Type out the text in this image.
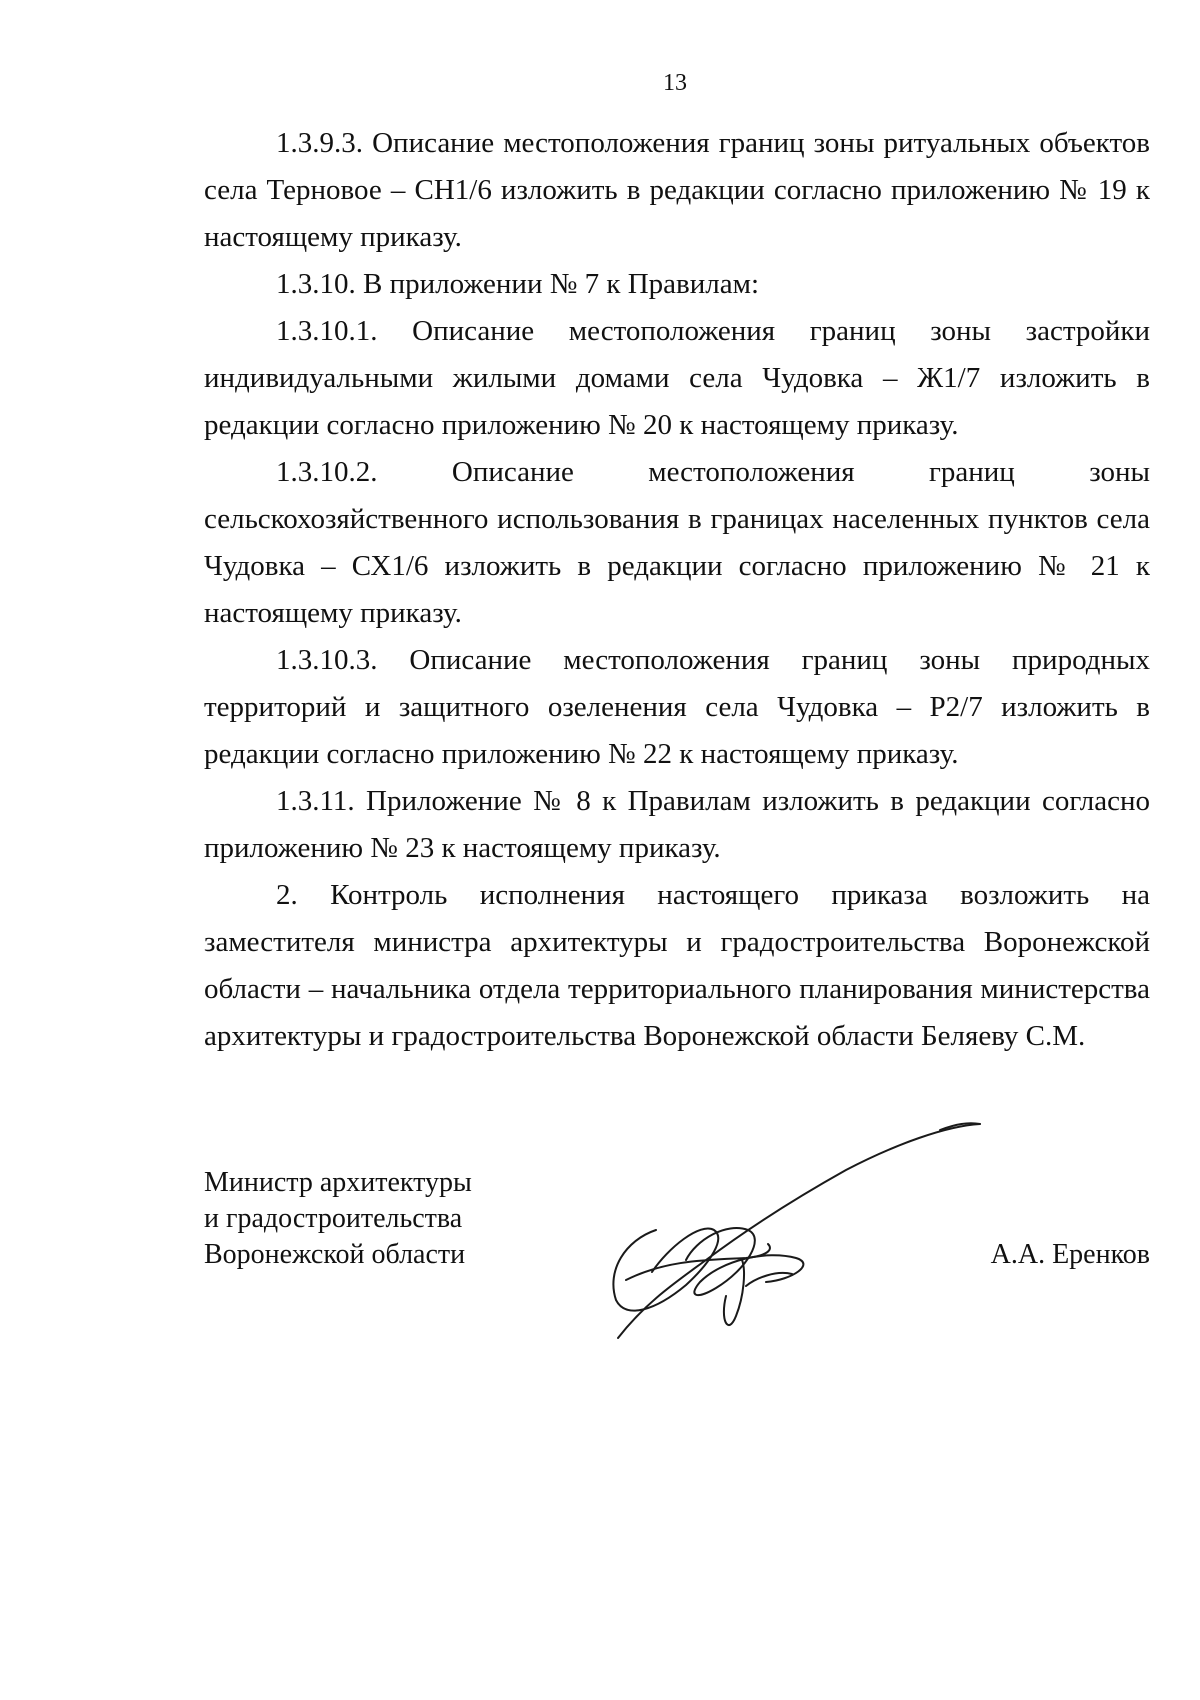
13

1.3.9.3. Описание местоположения границ зоны ритуальных объектов села Терновое – СН1/6 изложить в редакции согласно приложению № 19 к настоящему приказу.

1.3.10. В приложении № 7 к Правилам:

1.3.10.1. Описание местоположения границ зоны застройки индивидуальными жилыми домами села Чудовка – Ж1/7 изложить в редакции согласно приложению № 20 к настоящему приказу.

1.3.10.2. Описание местоположения границ зоны сельскохозяйственного использования в границах населенных пунктов села Чудовка – СХ1/6 изложить в редакции согласно приложению № 21 к настоящему приказу.

1.3.10.3. Описание местоположения границ зоны природных территорий и защитного озеленения села Чудовка – Р2/7 изложить в редакции согласно приложению № 22 к настоящему приказу.

1.3.11. Приложение № 8 к Правилам изложить в редакции согласно приложению № 23 к настоящему приказу.

2. Контроль исполнения настоящего приказа возложить на заместителя министра архитектуры и градостроительства Воронежской области – начальника отдела территориального планирования министерства архитектуры и градостроительства Воронежской области Беляеву С.М.

Министр архитектуры
и градостроительства
Воронежской области	А.А. Еренков
